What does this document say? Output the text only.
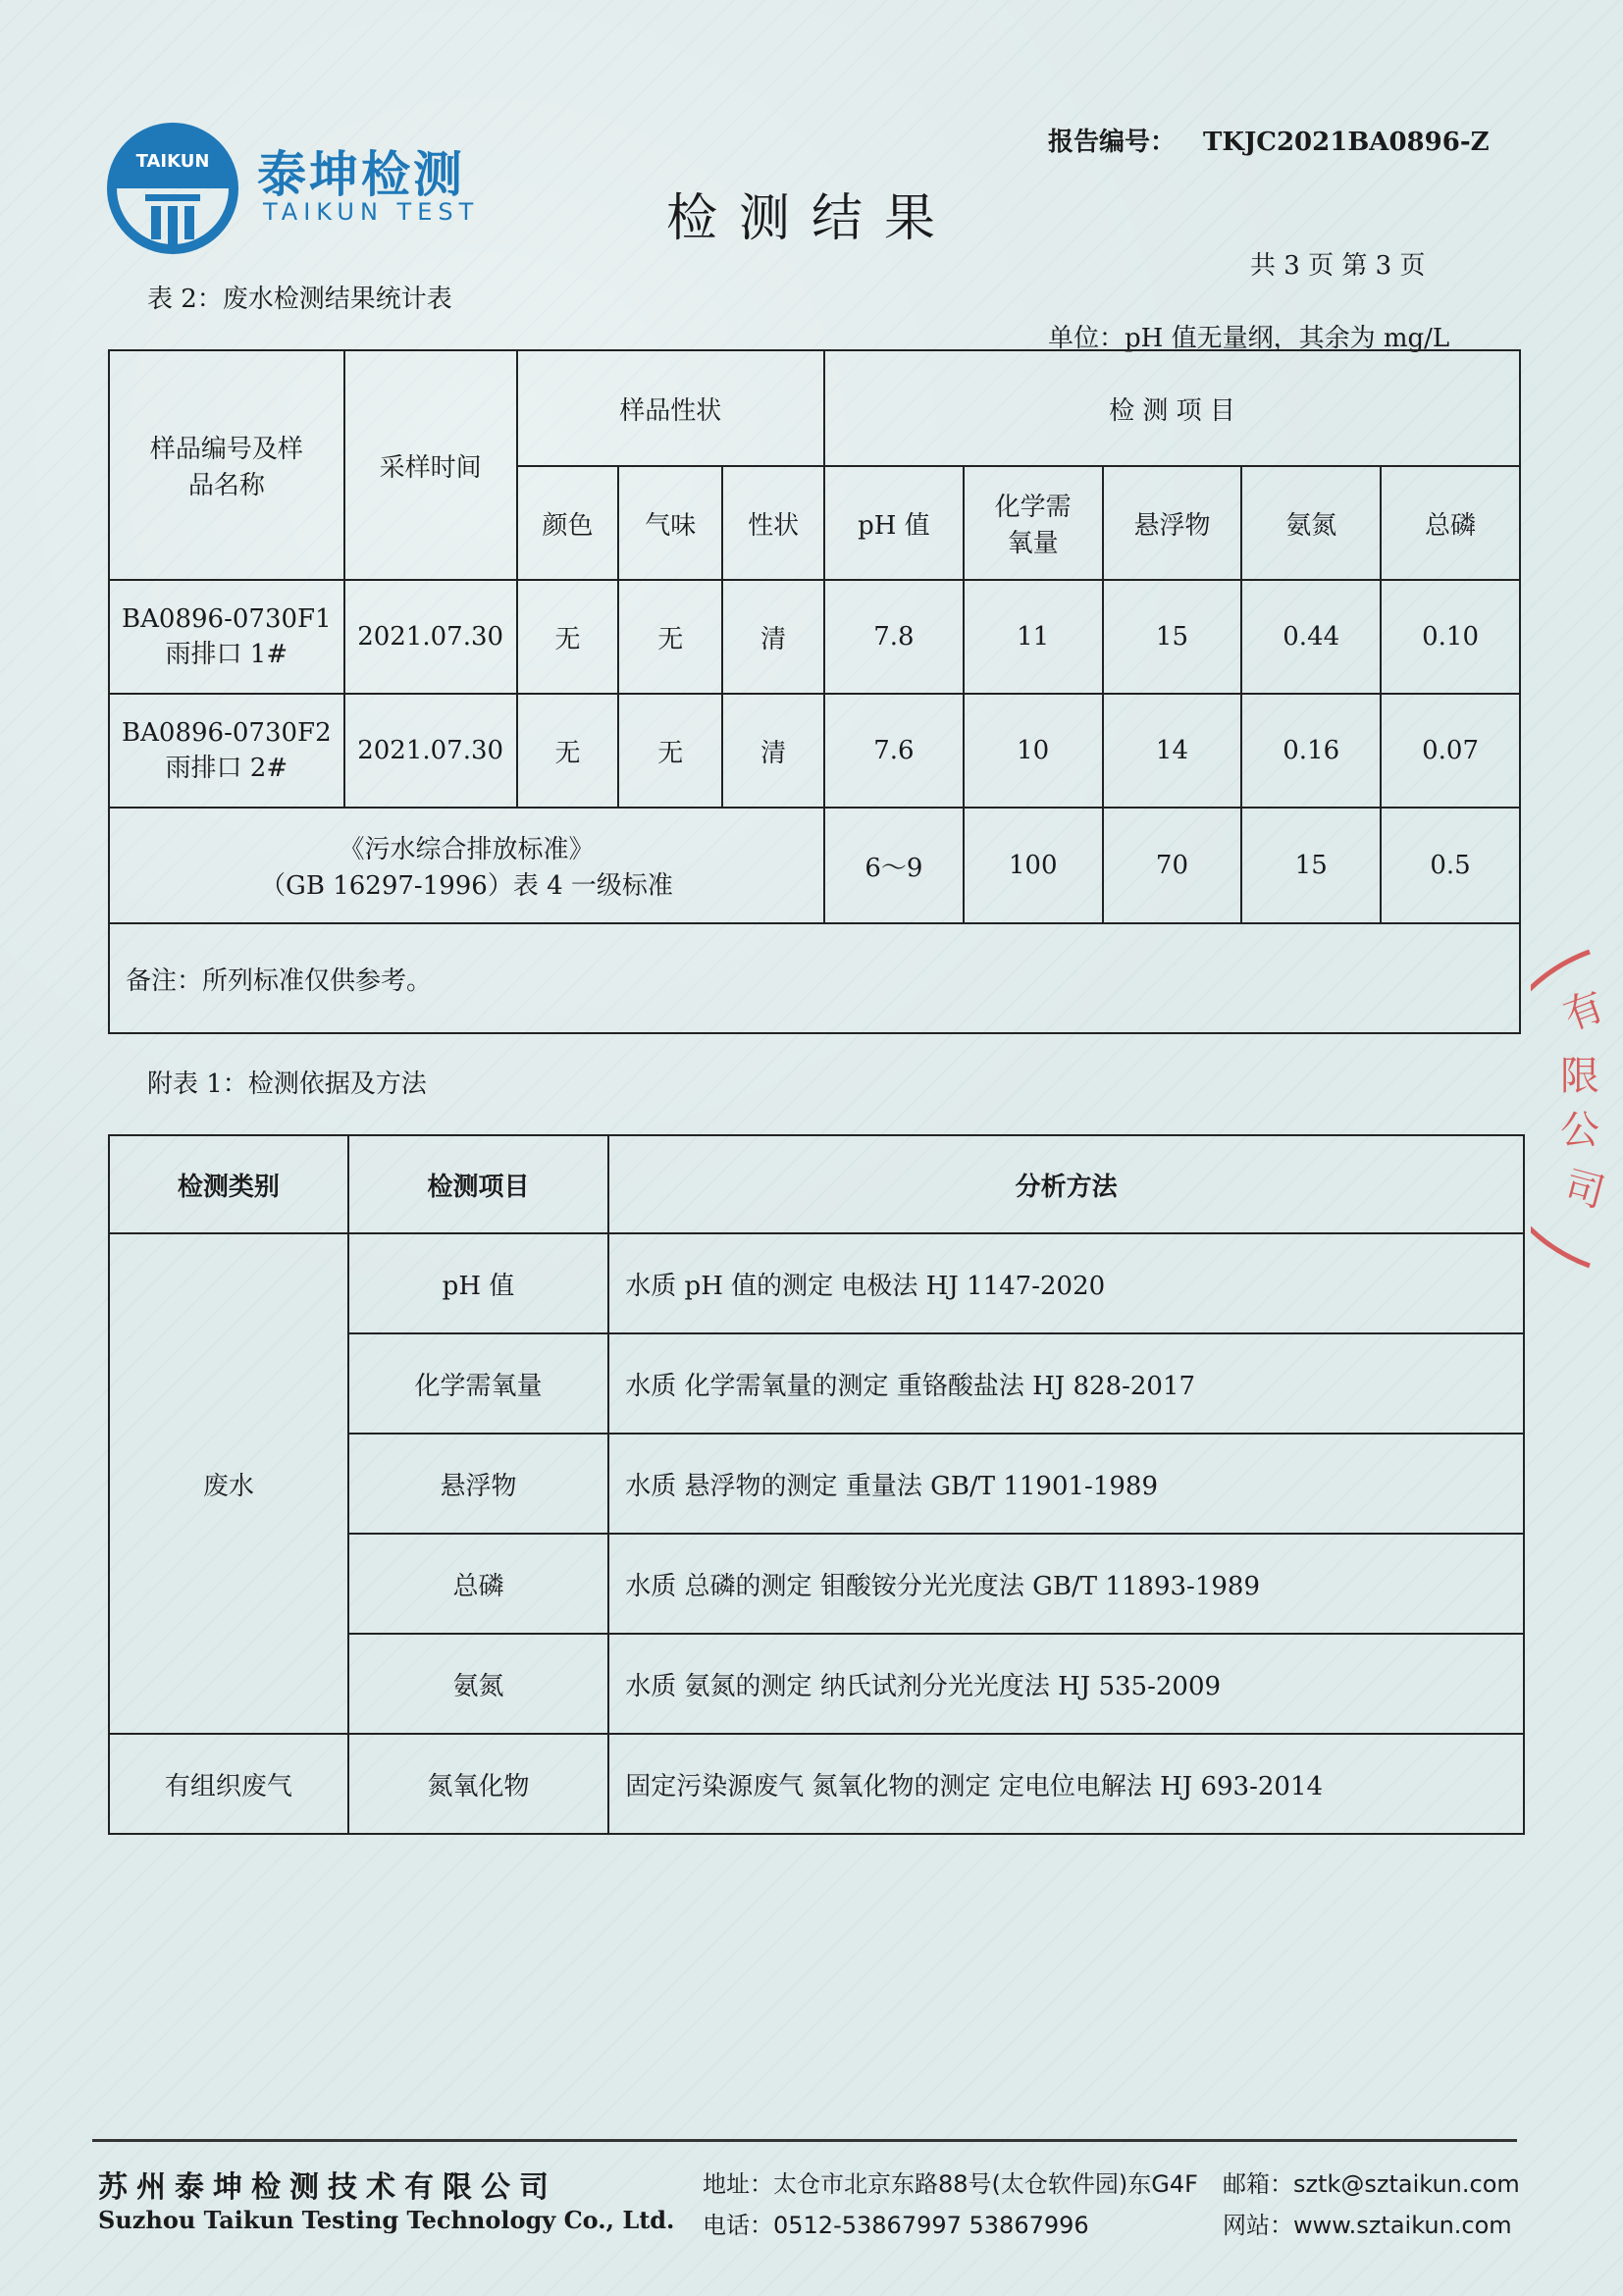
TAIKUN 泰坤检测
TAIKUN TEST
报告编号： TKJC2021BA0896-Z
检测结果
共 3 页 第 3 页
表 2：废水检测结果统计表
单位：pH 值无量纲，其余为 mg/L
样品编号及样品名称	采样时间	样品性状			检 测 项 目				
		颜色	气味	性状	pH 值	化学需氧量	悬浮物	氨氮	总磷

BA0896-0730F1
雨排口 1#	2021.07.30	无	无	清	7.8	11	15	0.44	0.10

BA0896-0730F2
雨排口 2#	2021.07.30	无	无	清	7.6	10	14	0.16	0.07

《污水综合排放标准》
（GB 16297-1996）表 4 一级标准					6～9	100	70	15	0.5
备注：所列标准仅供参考。									
附表 1：检测依据及方法
检测类别	检测项目	分析方法
废水	pH 值	水质 pH 值的测定 电极法 HJ 1147-2020
	化学需氧量	水质 化学需氧量的测定 重铬酸盐法 HJ 828-2017
	悬浮物	水质 悬浮物的测定 重量法 GB/T 11901-1989
	总磷	水质 总磷的测定 钼酸铵分光光度法 GB/T 11893-1989
	氨氮	水质 氨氮的测定 纳氏试剂分光光度法 HJ 535-2009
有组织废气	氮氧化物	固定污染源废气 氮氧化物的测定 定电位电解法 HJ 693-2014
有
限
公
司
苏州泰坤检测技术有限公司
Suzhou Taikun Testing Technology Co., Ltd.
地址：太仓市北京东路88号(太仓软件园)东G4F
电话：0512-53867997 53867996
邮箱：sztk@sztaikun.com
网站：www.sztaikun.com
